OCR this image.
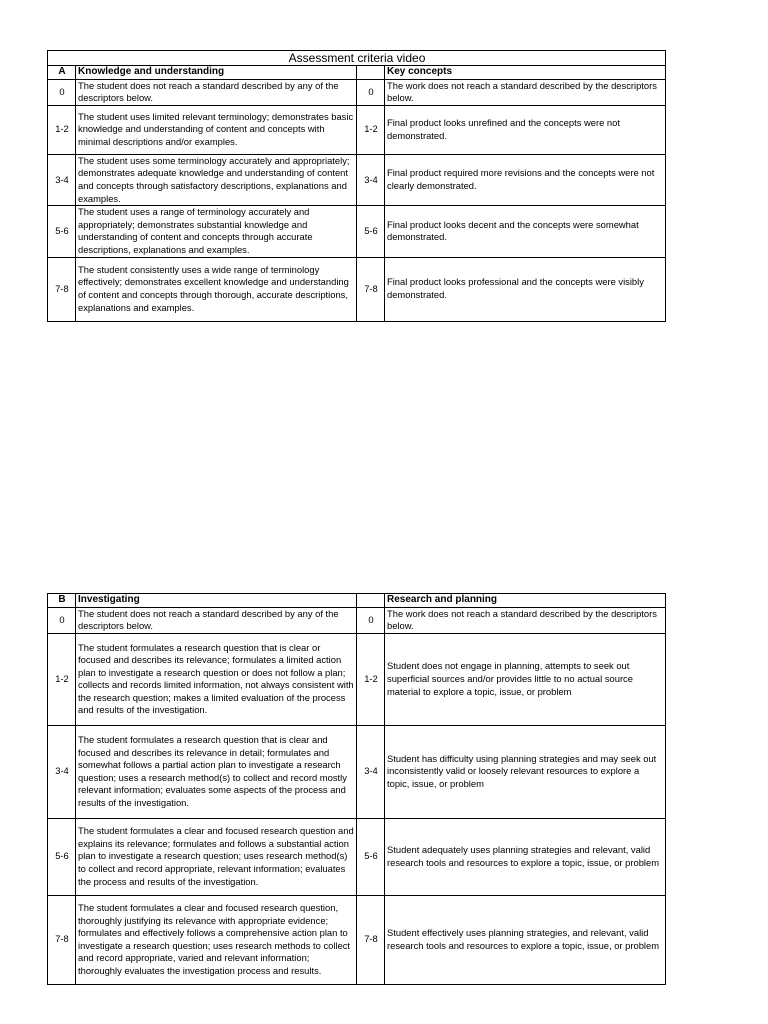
Assessment criteria video			
A	Knowledge and understanding		Key concepts
0	The student does not reach a standard described by any of the descriptors below.	0	The work does not reach a standard described by the descriptors below.
1-2	The student uses limited relevant terminology; demonstrates basic knowledge and understanding of content and concepts with minimal descriptions and/or examples.	1-2	Final product looks unrefined and the concepts were not demonstrated.
3-4	The student uses some terminology accurately and appropriately; demonstrates adequate knowledge and understanding of content and concepts through satisfactory descriptions, explanations and examples.	3-4	Final product required more revisions and the concepts were not clearly demonstrated.
5-6	The student uses a range of terminology accurately and appropriately; demonstrates substantial knowledge and understanding of content and concepts through accurate descriptions, explanations and examples.	5-6	Final product looks decent and the concepts were somewhat demonstrated.
7-8	The student consistently uses a wide range of terminology effectively; demonstrates excellent knowledge and understanding of content and concepts through thorough, accurate descriptions, explanations and examples.	7-8	Final product looks professional and the concepts were visibly demonstrated.
B	Investigating		Research and planning
0	The student does not reach a standard described by any of the descriptors below.	0	The work does not reach a standard described by the descriptors below.
1-2	The student formulates a research question that is clear or focused and describes its relevance; formulates a limited action plan to investigate a research question or does not follow a plan; collects and records limited information, not always consistent with the research question; makes a limited evaluation of the process and results of the investigation.	1-2	Student does not engage in planning, attempts to seek out superficial sources and/or provides little to no actual source material to explore a topic, issue, or problem
3-4	The student formulates a research question that is clear and focused and describes its relevance in detail; formulates and somewhat follows a partial action plan to investigate a research question; uses a research method(s) to collect and record mostly relevant information; evaluates some aspects of the process and results of the investigation.	3-4	Student has difficulty using planning strategies and may seek out inconsistently valid or loosely relevant resources to explore a topic, issue, or problem
5-6	The student formulates a clear and focused research question and explains its relevance; formulates and follows a substantial action plan to investigate a research question; uses research method(s) to collect and record appropriate, relevant information; evaluates the process and results of the investigation.	5-6	Student adequately uses planning strategies and relevant, valid research tools and resources to explore a topic, issue, or problem
7-8	The student formulates a clear and focused research question, thoroughly justifying its relevance with appropriate evidence; formulates and effectively follows a comprehensive action plan to investigate a research question; uses research methods to collect and record appropriate, varied and relevant information; thoroughly evaluates the investigation process and results.	7-8	Student effectively uses planning strategies, and relevant, valid research tools and resources to explore a topic, issue, or problem
